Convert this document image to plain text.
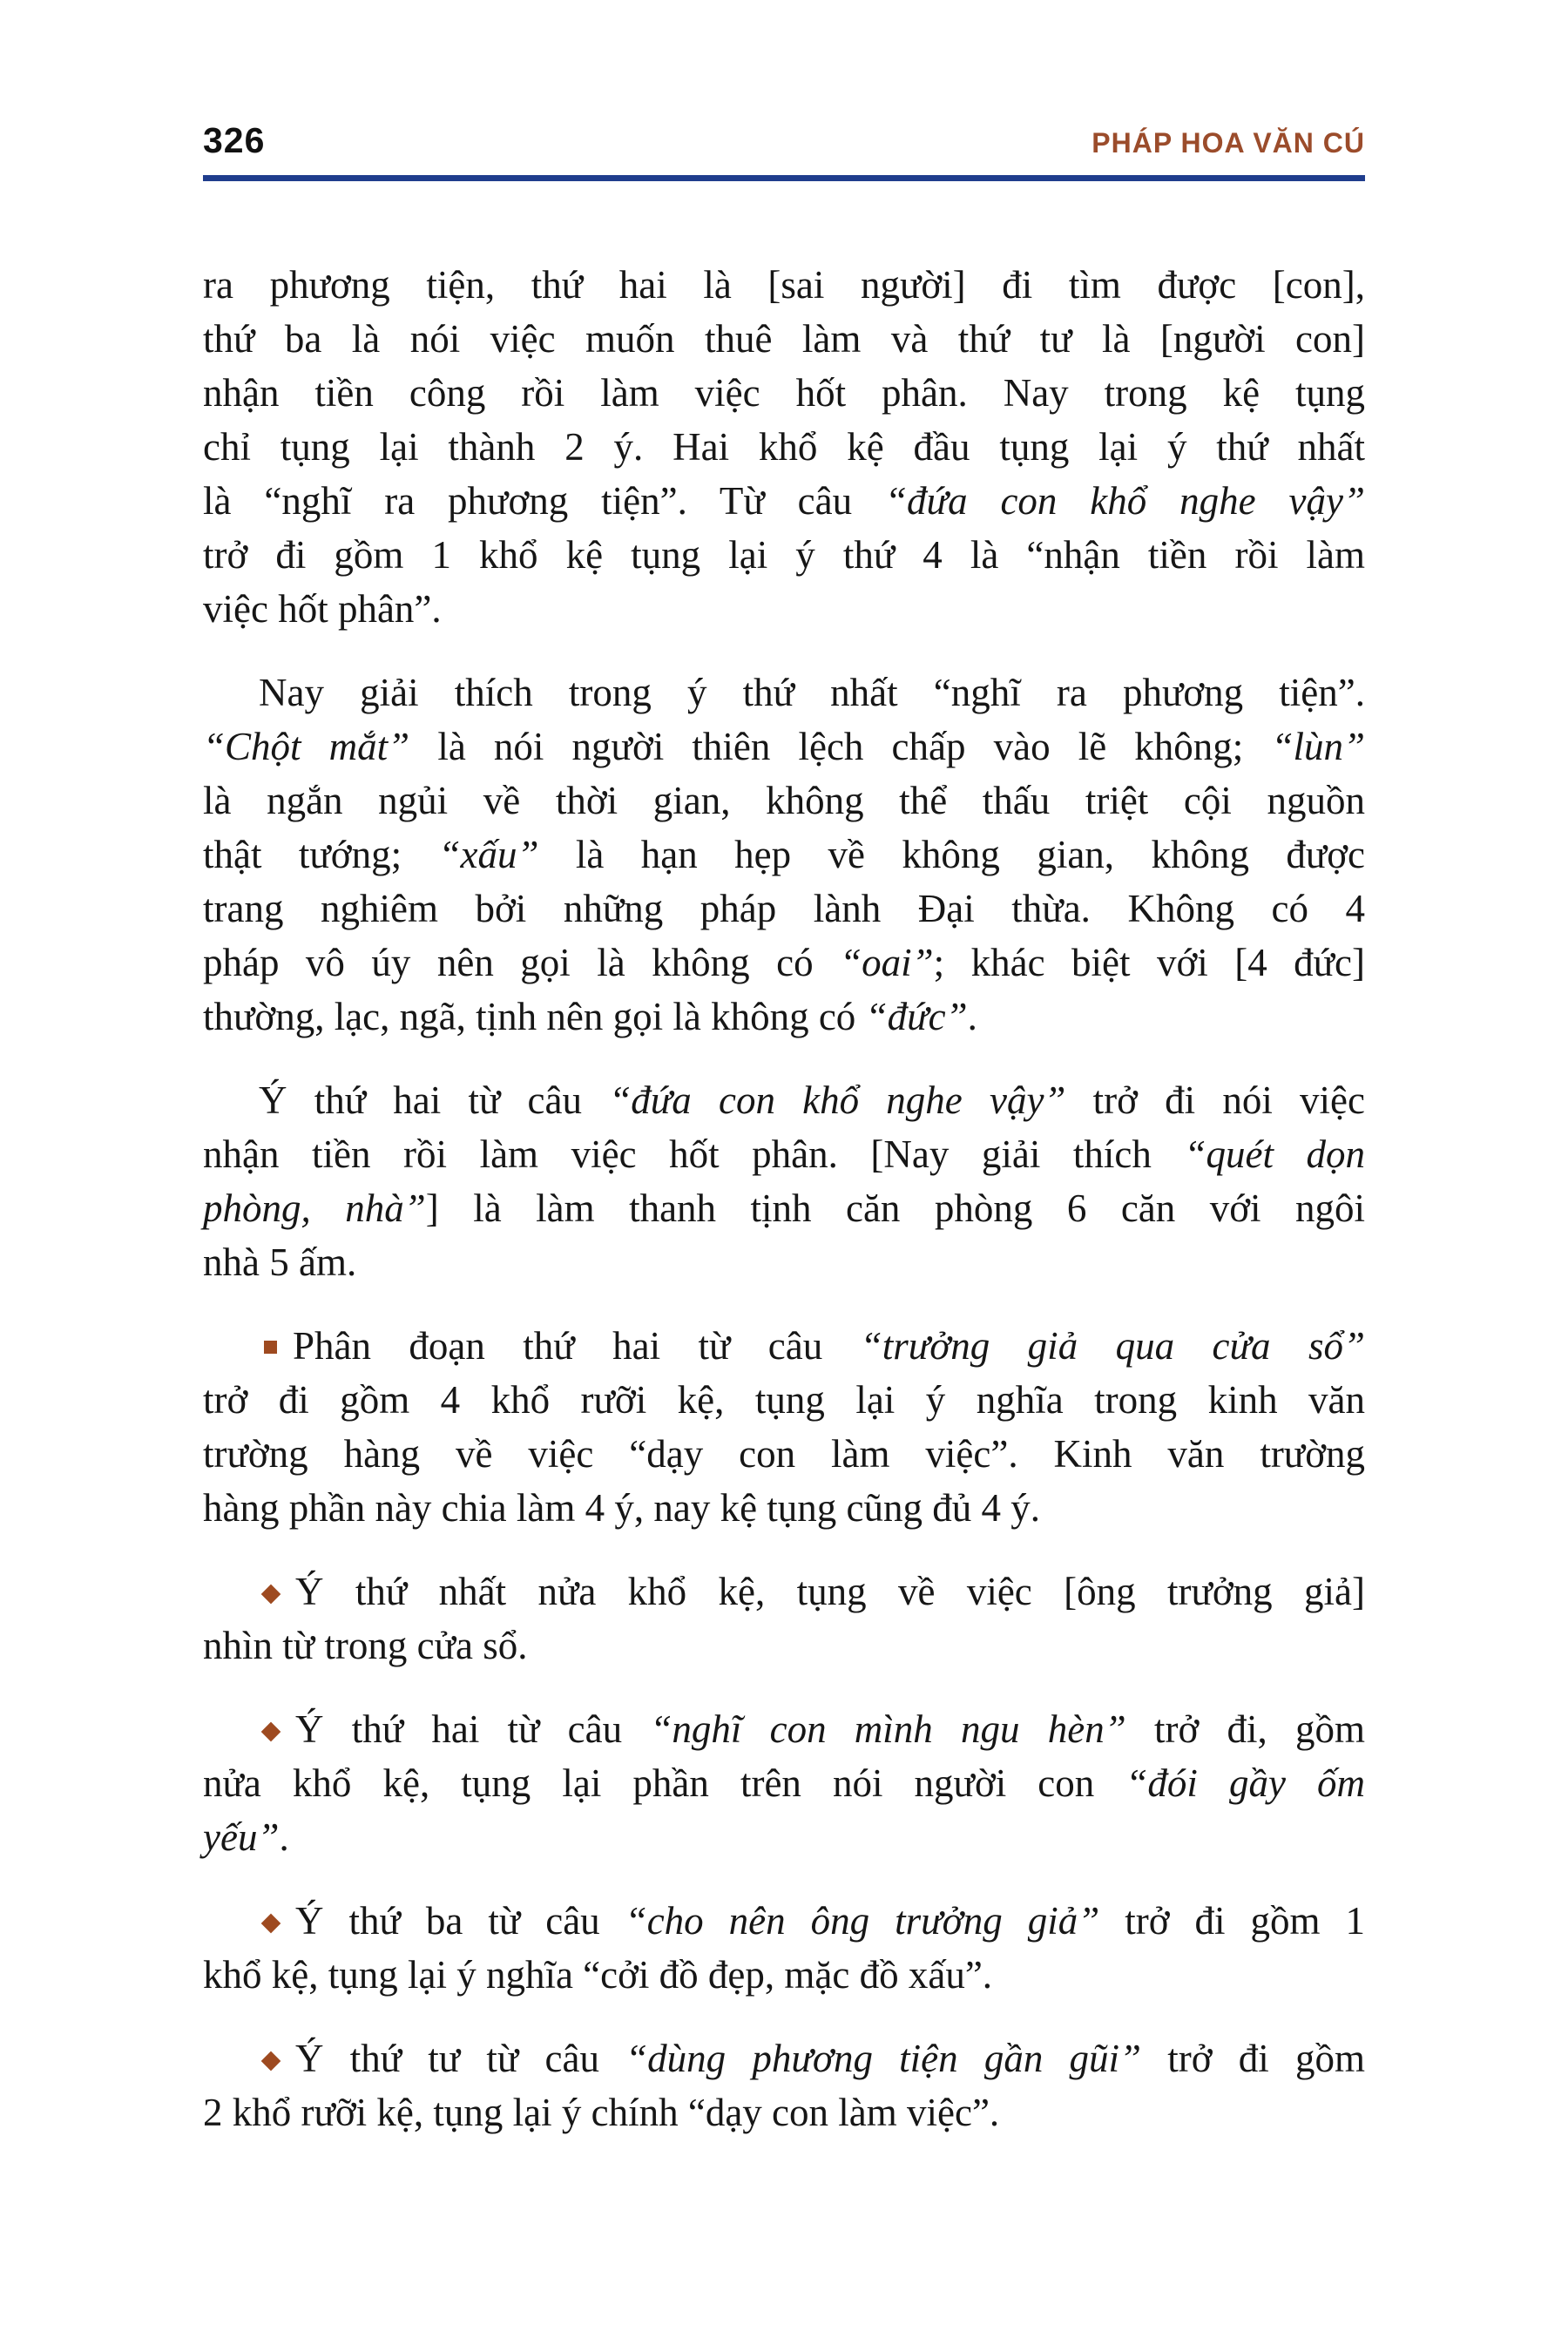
326	PHÁP HOA VĂN CÚ
ra phương tiện, thứ hai là [sai người] đi tìm được [con],
thứ ba là nói việc muốn thuê làm và thứ tư là [người con]
nhận tiền công rồi làm việc hốt phân. Nay trong kệ tụng
chỉ tụng lại thành 2 ý. Hai khổ kệ đầu tụng lại ý thứ nhất
là “nghĩ ra phương tiện”. Từ câu “đứa con khổ nghe vậy”
trở đi gồm 1 khổ kệ tụng lại ý thứ 4 là “nhận tiền rồi làm
việc hốt phân”.
Nay giải thích trong ý thứ nhất “nghĩ ra phương tiện”.
“Chột mắt” là nói người thiên lệch chấp vào lẽ không; “lùn”
là ngắn ngủi về thời gian, không thể thấu triệt cội nguồn
thật tướng; “xấu” là hạn hẹp về không gian, không được
trang nghiêm bởi những pháp lành Đại thừa. Không có 4
pháp vô úy nên gọi là không có “oai”; khác biệt với [4 đức]
thường, lạc, ngã, tịnh nên gọi là không có “đức”.
Ý thứ hai từ câu “đứa con khổ nghe vậy” trở đi nói việc
nhận tiền rồi làm việc hốt phân. [Nay giải thích “quét dọn
phòng, nhà”] là làm thanh tịnh căn phòng 6 căn với ngôi
nhà 5 ấm.
Phân đoạn thứ hai từ câu “trưởng giả qua cửa sổ”
trở đi gồm 4 khổ rưỡi kệ, tụng lại ý nghĩa trong kinh văn
trường hàng về việc “dạy con làm việc”. Kinh văn trường
hàng phần này chia làm 4 ý, nay kệ tụng cũng đủ 4 ý.
Ý thứ nhất nửa khổ kệ, tụng về việc [ông trưởng giả]
nhìn từ trong cửa sổ.
Ý thứ hai từ câu “nghĩ con mình ngu hèn” trở đi, gồm
nửa khổ kệ, tụng lại phần trên nói người con “đói gầy ốm
yếu”.
Ý thứ ba từ câu “cho nên ông trưởng giả” trở đi gồm 1
khổ kệ, tụng lại ý nghĩa “cởi đồ đẹp, mặc đồ xấu”.
Ý thứ tư từ câu “dùng phương tiện gần gũi” trở đi gồm
2 khổ rưỡi kệ, tụng lại ý chính “dạy con làm việc”.
